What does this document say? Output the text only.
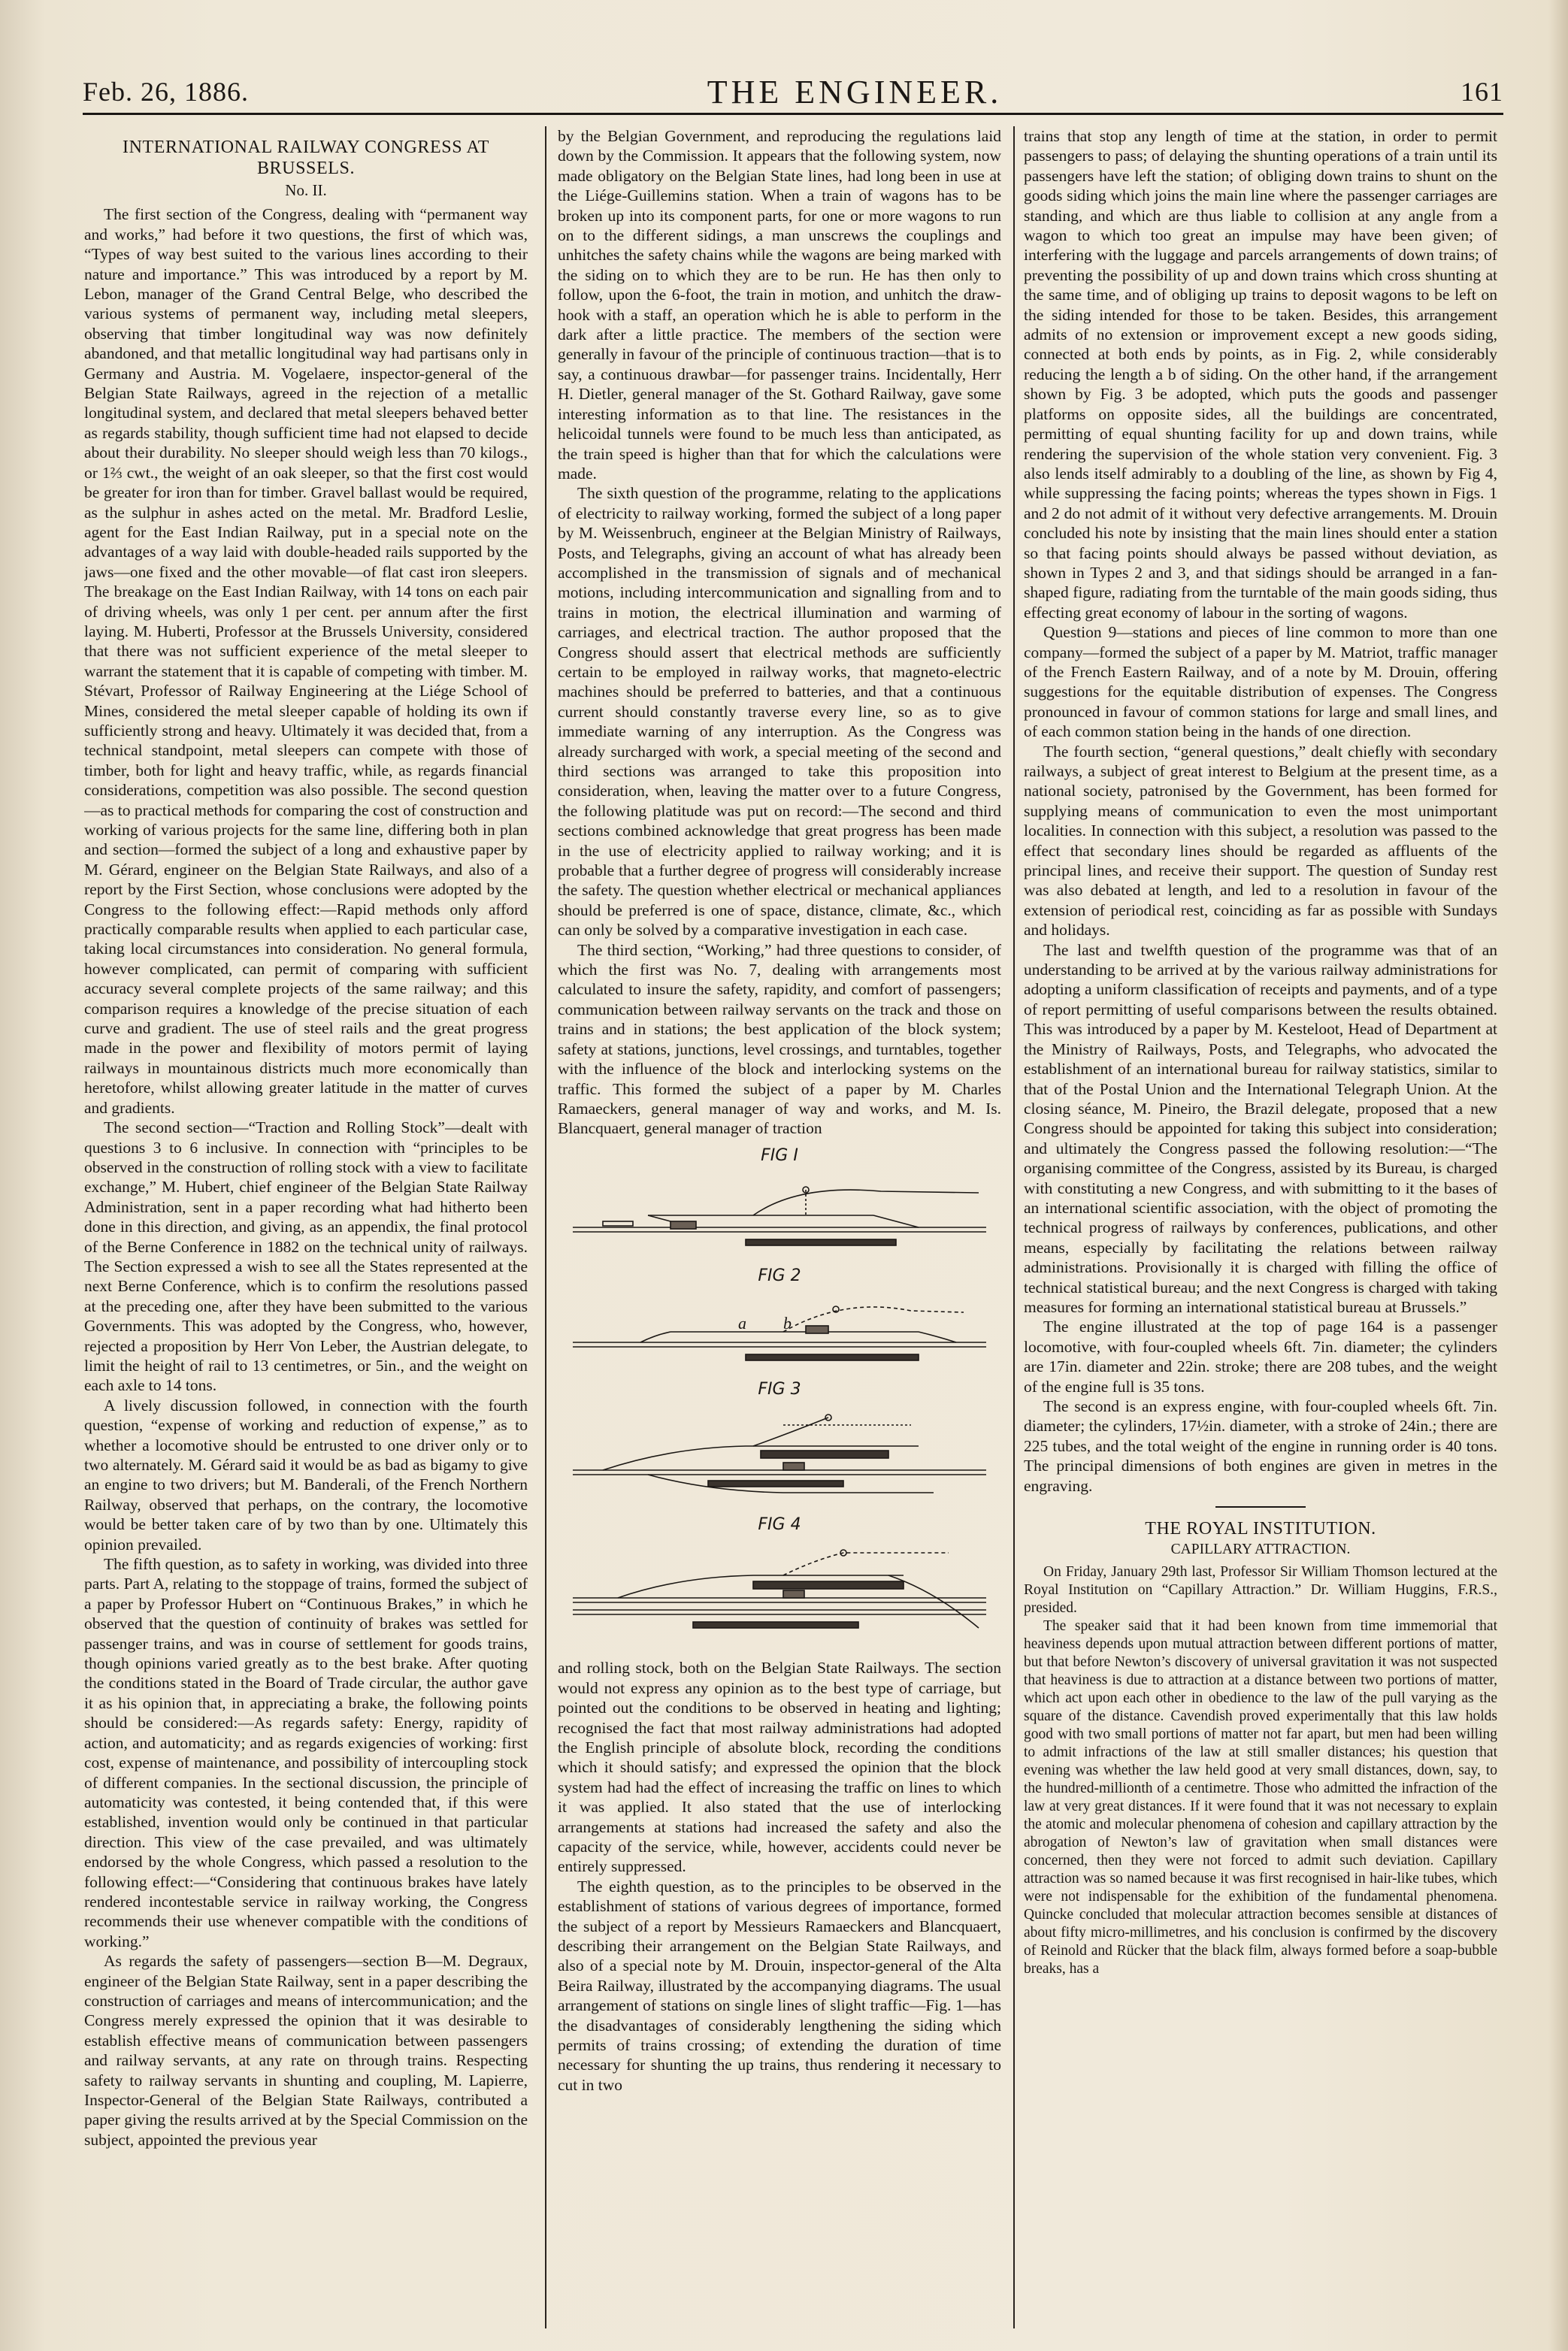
Feb. 26, 1886.	THE ENGINEER.	161
INTERNATIONAL RAILWAY CONGRESS AT BRUSSELS.
No. II.

The first section of the Congress, dealing with “permanent way and works,” had before it two questions, the first of which was, “Types of way best suited to the various lines according to their nature and importance.” This was introduced by a report by M. Lebon, manager of the Grand Central Belge, who described the various systems of permanent way, including metal sleepers, observing that timber longitudinal way was now definitely abandoned, and that metallic longitudinal way had partisans only in Germany and Austria. M. Vogelaere, inspector-general of the Belgian State Railways, agreed in the rejection of a metallic longitudinal system, and declared that metal sleepers behaved better as regards stability, though sufficient time had not elapsed to decide about their durability. No sleeper should weigh less than 70 kilogs., or 1⅔ cwt., the weight of an oak sleeper, so that the first cost would be greater for iron than for timber. Gravel ballast would be required, as the sulphur in ashes acted on the metal. Mr. Bradford Leslie, agent for the East Indian Railway, put in a special note on the advantages of a way laid with double-headed rails supported by the jaws—one fixed and the other movable—of flat cast iron sleepers. The breakage on the East Indian Railway, with 14 tons on each pair of driving wheels, was only 1 per cent. per annum after the first laying. M. Huberti, Professor at the Brussels University, considered that there was not sufficient experience of the metal sleeper to warrant the statement that it is capable of competing with timber. M. Stévart, Professor of Railway Engineering at the Liége School of Mines, considered the metal sleeper capable of holding its own if sufficiently strong and heavy. Ultimately it was decided that, from a technical standpoint, metal sleepers can compete with those of timber, both for light and heavy traffic, while, as regards financial considerations, competition was also possible. The second question—as to practical methods for comparing the cost of construction and working of various projects for the same line, differing both in plan and section—formed the subject of a long and exhaustive paper by M. Gérard, engineer on the Belgian State Railways, and also of a report by the First Section, whose conclusions were adopted by the Congress to the following effect:—Rapid methods only afford practically comparable results when applied to each particular case, taking local circumstances into consideration. No general formula, however complicated, can permit of comparing with sufficient accuracy several complete projects of the same railway; and this comparison requires a knowledge of the precise situation of each curve and gradient. The use of steel rails and the great progress made in the power and flexibility of motors permit of laying railways in mountainous districts much more economically than heretofore, whilst allowing greater latitude in the matter of curves and gradients.

The second section—“Traction and Rolling Stock”—dealt with questions 3 to 6 inclusive. In connection with “principles to be observed in the construction of rolling stock with a view to facilitate exchange,” M. Hubert, chief engineer of the Belgian State Railway Administration, sent in a paper recording what had hitherto been done in this direction, and giving, as an appendix, the final protocol of the Berne Conference in 1882 on the technical unity of railways. The Section expressed a wish to see all the States represented at the next Berne Conference, which is to confirm the resolutions passed at the preceding one, after they have been submitted to the various Governments. This was adopted by the Congress, who, however, rejected a proposition by Herr Von Leber, the Austrian delegate, to limit the height of rail to 13 centimetres, or 5in., and the weight on each axle to 14 tons.

A lively discussion followed, in connection with the fourth question, “expense of working and reduction of expense,” as to whether a locomotive should be entrusted to one driver only or to two alternately. M. Gérard said it would be as bad as bigamy to give an engine to two drivers; but M. Banderali, of the French Northern Railway, observed that perhaps, on the contrary, the locomotive would be better taken care of by two than by one. Ultimately this opinion prevailed.

The fifth question, as to safety in working, was divided into three parts. Part A, relating to the stoppage of trains, formed the subject of a paper by Professor Hubert on “Continuous Brakes,” in which he observed that the question of continuity of brakes was settled for passenger trains, and was in course of settlement for goods trains, though opinions varied greatly as to the best brake. After quoting the conditions stated in the Board of Trade circular, the author gave it as his opinion that, in appreciating a brake, the following points should be considered:—As regards safety: Energy, rapidity of action, and automaticity; and as regards exigencies of working: first cost, expense of maintenance, and possibility of intercoupling stock of different companies. In the sectional discussion, the principle of automaticity was contested, it being contended that, if this were established, invention would only be continued in that particular direction. This view of the case prevailed, and was ultimately endorsed by the whole Congress, which passed a resolution to the following effect:—“Considering that continuous brakes have lately rendered incontestable service in railway working, the Congress recommends their use whenever compatible with the conditions of working.”

As regards the safety of passengers—section B—M. Degraux, engineer of the Belgian State Railway, sent in a paper describing the construction of carriages and means of intercommunication; and the Congress merely expressed the opinion that it was desirable to establish effective means of communication between passengers and railway servants, at any rate on through trains. Respecting safety to railway servants in shunting and coupling, M. Lapierre, Inspector-General of the Belgian State Railways, contributed a paper giving the results arrived at by the Special Commission on the subject, appointed the previous year

by the Belgian Government, and reproducing the regulations laid down by the Commission. It appears that the following system, now made obligatory on the Belgian State lines, had long been in use at the Liége-Guillemins station. When a train of wagons has to be broken up into its component parts, for one or more wagons to run on to the different sidings, a man unscrews the couplings and unhitches the safety chains while the wagons are being marked with the siding on to which they are to be run. He has then only to follow, upon the 6-foot, the train in motion, and unhitch the draw-hook with a staff, an operation which he is able to perform in the dark after a little practice. The members of the section were generally in favour of the principle of continuous traction—that is to say, a continuous drawbar—for passenger trains. Incidentally, Herr H. Dietler, general manager of the St. Gothard Railway, gave some interesting information as to that line. The resistances in the helicoidal tunnels were found to be much less than anticipated, as the train speed is higher than that for which the calculations were made.

The sixth question of the programme, relating to the applications of electricity to railway working, formed the subject of a long paper by M. Weissenbruch, engineer at the Belgian Ministry of Railways, Posts, and Telegraphs, giving an account of what has already been accomplished in the transmission of signals and of mechanical motions, including intercommunication and signalling from and to trains in motion, the electrical illumination and warming of carriages, and electrical traction. The author proposed that the Congress should assert that electrical methods are sufficiently certain to be employed in railway works, that magneto-electric machines should be preferred to batteries, and that a continuous current should constantly traverse every line, so as to give immediate warning of any interruption. As the Congress was already surcharged with work, a special meeting of the second and third sections was arranged to take this proposition into consideration, when, leaving the matter over to a future Congress, the following platitude was put on record:—The second and third sections combined acknowledge that great progress has been made in the use of electricity applied to railway working; and it is probable that a further degree of progress will considerably increase the safety. The question whether electrical or mechanical appliances should be preferred is one of space, distance, climate, &c., which can only be solved by a comparative investigation in each case.

The third section, “Working,” had three questions to consider, of which the first was No. 7, dealing with arrangements most calculated to insure the safety, rapidity, and comfort of passengers; communication between railway servants on the track and those on trains and in stations; the best application of the block system; safety at stations, junctions, level crossings, and turntables, together with the influence of the block and interlocking systems on the traffic. This formed the subject of a paper by M. Charles Ramaeckers, general manager of way and works, and M. Is. Blancquaert, general manager of traction

FIG I
FIG 2
a b
FIG 3
FIG 4

and rolling stock, both on the Belgian State Railways. The section would not express any opinion as to the best type of carriage, but pointed out the conditions to be observed in heating and lighting; recognised the fact that most railway administrations had adopted the English principle of absolute block, recording the conditions which it should satisfy; and expressed the opinion that the block system had had the effect of increasing the traffic on lines to which it was applied. It also stated that the use of interlocking arrangements at stations had increased the safety and also the capacity of the service, while, however, accidents could never be entirely suppressed.

The eighth question, as to the principles to be observed in the establishment of stations of various degrees of importance, formed the subject of a report by Messieurs Ramaeckers and Blancquaert, describing their arrangement on the Belgian State Railways, and also of a special note by M. Drouin, inspector-general of the Alta Beira Railway, illustrated by the accompanying diagrams. The usual arrangement of stations on single lines of slight traffic—Fig. 1—has the disadvantages of considerably lengthening the siding which permits of trains crossing; of extending the duration of time necessary for shunting the up trains, thus rendering it necessary to cut in two

trains that stop any length of time at the station, in order to permit passengers to pass; of delaying the shunting operations of a train until its passengers have left the station; of obliging down trains to shunt on the goods siding which joins the main line where the passenger carriages are standing, and which are thus liable to collision at any angle from a wagon to which too great an impulse may have been given; of interfering with the luggage and parcels arrangements of down trains; of preventing the possibility of up and down trains which cross shunting at the same time, and of obliging up trains to deposit wagons to be left on the siding intended for those to be taken. Besides, this arrangement admits of no extension or improvement except a new goods siding, connected at both ends by points, as in Fig. 2, while considerably reducing the length a b of siding. On the other hand, if the arrangement shown by Fig. 3 be adopted, which puts the goods and passenger platforms on opposite sides, all the buildings are concentrated, permitting of equal shunting facility for up and down trains, while rendering the supervision of the whole station very convenient. Fig. 3 also lends itself admirably to a doubling of the line, as shown by Fig 4, while suppressing the facing points; whereas the types shown in Figs. 1 and 2 do not admit of it without very defective arrangements. M. Drouin concluded his note by insisting that the main lines should enter a station so that facing points should always be passed without deviation, as shown in Types 2 and 3, and that sidings should be arranged in a fan-shaped figure, radiating from the turntable of the main goods siding, thus effecting great economy of labour in the sorting of wagons.

Question 9—stations and pieces of line common to more than one company—formed the subject of a paper by M. Matriot, traffic manager of the French Eastern Railway, and of a note by M. Drouin, offering suggestions for the equitable distribution of expenses. The Congress pronounced in favour of common stations for large and small lines, and of each common station being in the hands of one direction.

The fourth section, “general questions,” dealt chiefly with secondary railways, a subject of great interest to Belgium at the present time, as a national society, patronised by the Government, has been formed for supplying means of communication to even the most unimportant localities. In connection with this subject, a resolution was passed to the effect that secondary lines should be regarded as affluents of the principal lines, and receive their support. The question of Sunday rest was also debated at length, and led to a resolution in favour of the extension of periodical rest, coinciding as far as possible with Sundays and holidays.

The last and twelfth question of the programme was that of an understanding to be arrived at by the various railway administrations for adopting a uniform classification of receipts and payments, and of a type of report permitting of useful comparisons between the results obtained. This was introduced by a paper by M. Kesteloot, Head of Department at the Ministry of Railways, Posts, and Telegraphs, who advocated the establishment of an international bureau for railway statistics, similar to that of the Postal Union and the International Telegraph Union. At the closing séance, M. Pineiro, the Brazil delegate, proposed that a new Congress should be appointed for taking this subject into consideration; and ultimately the Congress passed the following resolution:—“The organising committee of the Congress, assisted by its Bureau, is charged with constituting a new Congress, and with submitting to it the bases of an international scientific association, with the object of promoting the technical progress of railways by conferences, publications, and other means, especially by facilitating the relations between railway administrations. Provisionally it is charged with filling the office of technical statistical bureau; and the next Congress is charged with taking measures for forming an international statistical bureau at Brussels.”

The engine illustrated at the top of page 164 is a passenger locomotive, with four-coupled wheels 6ft. 7in. diameter; the cylinders are 17in. diameter and 22in. stroke; there are 208 tubes, and the weight of the engine full is 35 tons.

The second is an express engine, with four-coupled wheels 6ft. 7in. diameter; the cylinders, 17½in. diameter, with a stroke of 24in.; there are 225 tubes, and the total weight of the engine in running order is 40 tons. The principal dimensions of both engines are given in metres in the engraving.

THE ROYAL INSTITUTION.
CAPILLARY ATTRACTION.

On Friday, January 29th last, Professor Sir William Thomson lectured at the Royal Institution on “Capillary Attraction.” Dr. William Huggins, F.R.S., presided.

The speaker said that it had been known from time immemorial that heaviness depends upon mutual attraction between different portions of matter, but that before Newton’s discovery of universal gravitation it was not suspected that heaviness is due to attraction at a distance between two portions of matter, which act upon each other in obedience to the law of the pull varying as the square of the distance. Cavendish proved experimentally that this law holds good with two small portions of matter not far apart, but men had been willing to admit infractions of the law at still smaller distances; his question that evening was whether the law held good at very small distances, down, say, to the hundred-millionth of a centimetre. Those who admitted the infraction of the law at very great distances. If it were found that it was not necessary to explain the atomic and molecular phenomena of cohesion and capillary attraction by the abrogation of Newton’s law of gravitation when small distances were concerned, then they were not forced to admit such deviation. Capillary attraction was so named because it was first recognised in hair-like tubes, which were not indispensable for the exhibition of the fundamental phenomena. Quincke concluded that molecular attraction becomes sensible at distances of about fifty micro-millimetres, and his conclusion is confirmed by the discovery of Reinold and Rücker that the black film, always formed before a soap-bubble breaks, has a
